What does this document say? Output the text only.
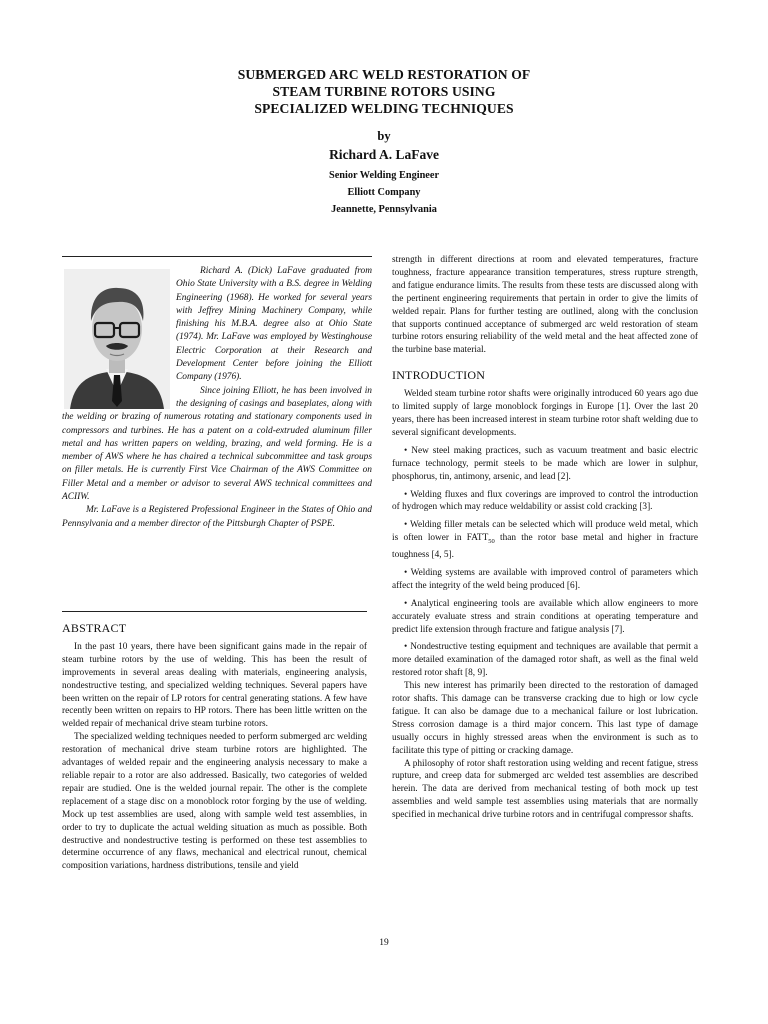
SUBMERGED ARC WELD RESTORATION OF
STEAM TURBINE ROTORS USING
SPECIALIZED WELDING TECHNIQUES
by
Richard A. LaFave
Senior Welding Engineer
Elliott Company
Jeannette, Pennsylvania

Richard A. (Dick) LaFave graduated from Ohio State University with a B.S. degree in Welding Engineering (1968). He worked for several years with Jeffrey Mining Machinery Company, while finishing his M.B.A. degree also at Ohio State (1974). Mr. LaFave was employed by Westinghouse Electric Corporation at their Research and Development Center before joining the Elliott Company (1976).

Since joining Elliott, he has been involved in the designing of casings and baseplates, along with the welding or brazing of numerous rotating and stationary components used in compressors and turbines. He has a patent on a cold-extruded aluminum filler metal and has written papers on welding, brazing, and weld forming. He is a member of AWS where he has chaired a technical subcommittee and task groups on filler metals. He is currently First Vice Chairman of the AWS Committee on Filler Metal and a member or advisor to several AWS technical committees and ACIIW.

Mr. LaFave is a Registered Professional Engineer in the States of Ohio and Pennsylvania and a member director of the Pittsburgh Chapter of PSPE.

ABSTRACT

In the past 10 years, there have been significant gains made in the repair of steam turbine rotors by the use of welding. This has been the result of improvements in several areas dealing with materials, engineering analysis, nondestructive testing, and specialized welding techniques. Several papers have been written on the repair of LP rotors for central generating stations. A few have recently been written on repairs to HP rotors. There has been little written on the welded repair of mechanical drive steam turbine rotors.

The specialized welding techniques needed to perform submerged arc welding restoration of mechanical drive steam turbine rotors are highlighted. The advantages of welded repair and the engineering analysis necessary to make a reliable repair to a rotor are also addressed. Basically, two categories of welded repair are studied. One is the welded journal repair. The other is the complete replacement of a stage disc on a monoblock rotor forging by the use of welding. Mock up test assemblies are used, along with sample weld test assemblies, in order to try to duplicate the actual welding situation as much as possible. Both destructive and nondestructive testing is performed on these test assemblies to determine occurrence of any flaws, mechanical and electrical runout, chemical composition variations, hardness distributions, tensile and yield

strength in different directions at room and elevated temperatures, fracture toughness, fracture appearance transition temperatures, stress rupture strength, and fatigue endurance limits. The results from these tests are discussed along with the pertinent engineering requirements that pertain in order to give the limits of welded repair. Plans for further testing are outlined, along with the conclusion that supports continued acceptance of submerged arc weld restoration of steam turbine rotors ensuring reliability of the weld metal and the heat affected zone of the turbine base material.

INTRODUCTION

Welded steam turbine rotor shafts were originally introduced 60 years ago due to limited supply of large monoblock forgings in Europe [1]. Over the last 20 years, there has been increased interest in steam turbine rotor shaft welding due to several significant developments.

• New steel making practices, such as vacuum treatment and basic electric furnace technology, permit steels to be made which are lower in sulphur, phosphorus, tin, antimony, arsenic, and lead [2].

• Welding fluxes and flux coverings are improved to control the introduction of hydrogen which may reduce weldability or assist cold cracking [3].

• Welding filler metals can be selected which will produce weld metal, which is often lower in $FATT_{50}$ than the rotor base metal and higher in fracture toughness [4, 5].

• Welding systems are available with improved control of parameters which affect the integrity of the weld being produced [6].

• Analytical engineering tools are available which allow engineers to more accurately evaluate stress and strain conditions at operating temperature and predict life extension through fracture and fatigue analysis [7].

• Nondestructive testing equipment and techniques are available that permit a more detailed examination of the damaged rotor shaft, as well as the final weld restored rotor shaft [8, 9].

This new interest has primarily been directed to the restoration of damaged rotor shafts. This damage can be transverse cracking due to high or low cycle fatigue. It can also be damage due to a mechanical failure or lost lubrication. Stress corrosion damage is a third major concern. This last type of damage usually occurs in highly stressed areas when the environment is such as to facilitate this type of pitting or cracking damage.

A philosophy of rotor shaft restoration using welding and recent fatigue, stress rupture, and creep data for submerged arc welded test assemblies are described herein. The data are derived from mechanical testing of both mock up test assemblies and weld sample test assemblies using materials that are normally specified in mechanical drive turbine rotors and in centrifugal compressor shafts.

19
